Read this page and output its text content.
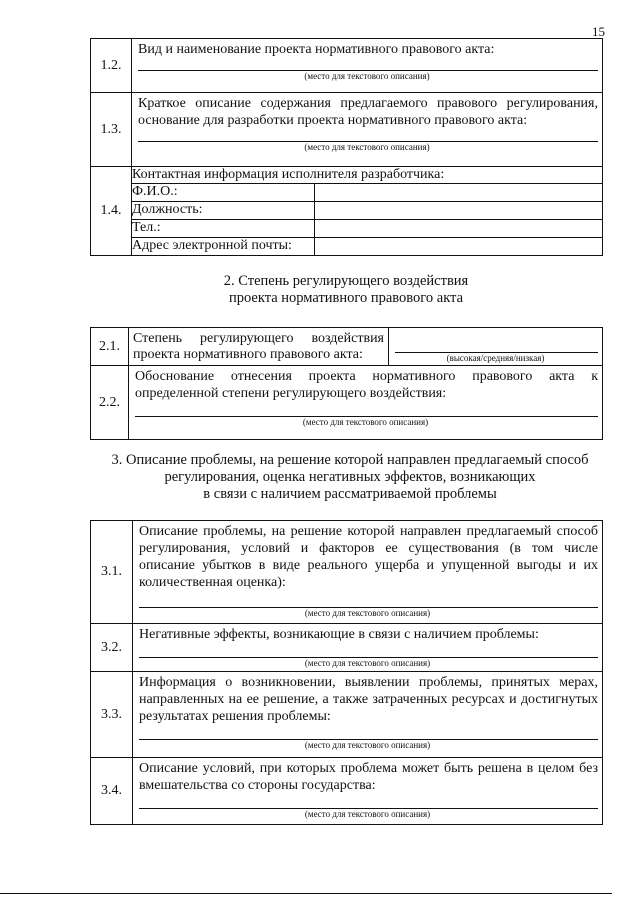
15
1.2.	Вид и наименование проекта нормативного правового акта:
(место для текстового описания)	

1.3.	Краткое описание содержания предлагаемого правового регулирования, основание для разработки проекта нормативного правового акта:
(место для текстового описания)	

1.4.	Контактная информация исполнителя разработчика:	
	Ф.И.О.:	
	Должность:	
	Тел.:	
	Адрес электронной почты:	
2. Степень регулирующего воздействия
проекта нормативного правового акта
2.1.	Степень регулирующего воздействия
проекта нормативного правового акта:	(высокая/средняя/низкая)

2.2.	Обоснование отнесения проекта нормативного правового акта к определенной степени регулирующего воздействия:
(место для текстового описания)	
3. Описание проблемы, на решение которой направлен предлагаемый способ
регулирования, оценка негативных эффектов, возникающих
в связи с наличием рассматриваемой проблемы
3.1.	Описание проблемы, на решение которой направлен предлагаемый способ регулирования, условий и факторов ее существования (в том числе описание убытков в виде реального ущерба и упущенной выгоды и их количественная оценка):
(место для текстового описания)

3.2.	Негативные эффекты, возникающие в связи с наличием проблемы:
(место для текстового описания)

3.3.	Информация о возникновении, выявлении проблемы, принятых мерах, направленных на ее решение, а также затраченных ресурсах и достигнутых результатах решения проблемы:
(место для текстового описания)

3.4.	Описание условий, при которых проблема может быть решена в целом без вмешательства со стороны государства:
(место для текстового описания)
